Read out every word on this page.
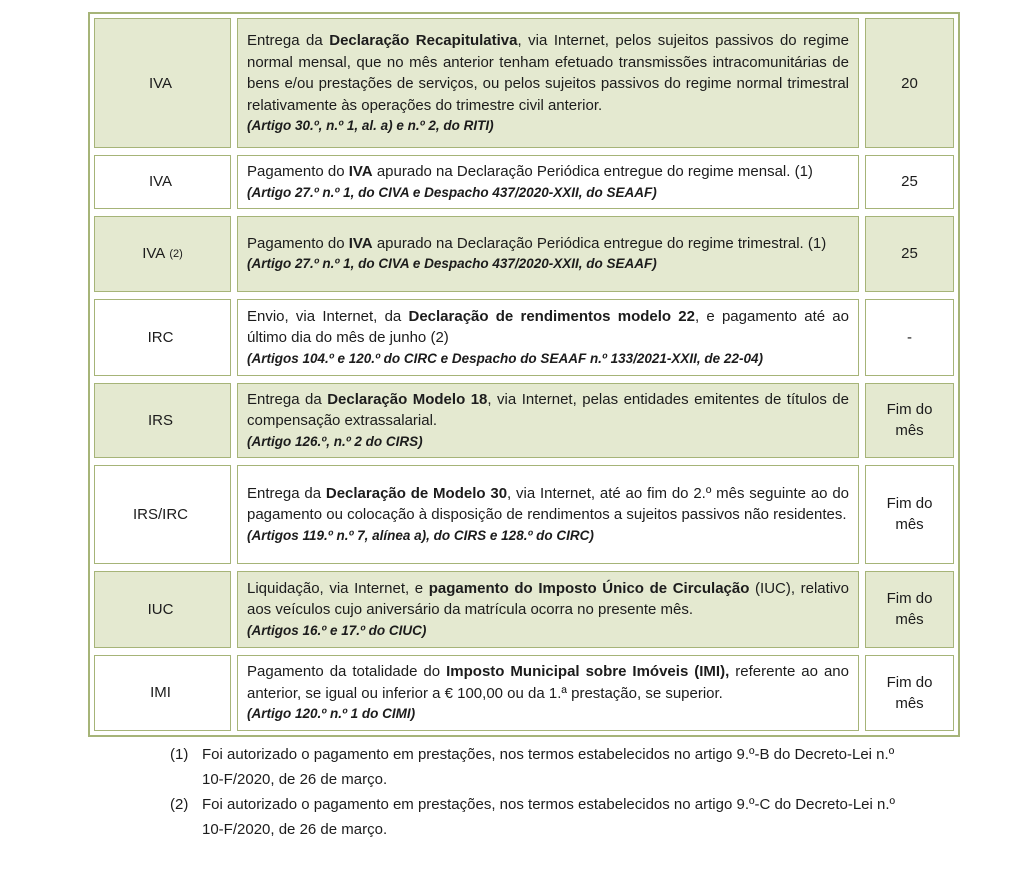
IVA

Entrega da Declaração Recapitulativa, via Internet, pelos sujeitos passivos do regime normal mensal, que no mês anterior tenham efetuado transmissões intracomunitárias de bens e/ou prestações de serviços, ou pelos sujeitos passivos do regime normal trimestral relativamente às operações do trimestre civil anterior.

(Artigo 30.º, n.º 1, al. a) e n.º 2, do RITI)

20
IVA

Pagamento do IVA apurado na Declaração Periódica entregue do regime mensal. (1)

(Artigo 27.º n.º 1, do CIVA e Despacho 437/2020-XXII, do SEAAF)

25
IVA (2)

Pagamento do IVA apurado na Declaração Periódica entregue do regime trimestral. (1)

(Artigo 27.º n.º 1, do CIVA e Despacho 437/2020-XXII, do SEAAF)

25
IRC

Envio, via Internet, da Declaração de rendimentos modelo 22, e pagamento até ao último dia do mês de junho (2)

(Artigos 104.º e 120.º do CIRC e Despacho do SEAAF n.º 133/2021-XXII, de 22-04)

-
IRS

Entrega da Declaração Modelo 18, via Internet, pelas entidades emitentes de títulos de compensação extrassalarial.

(Artigo 126.º, n.º 2 do CIRS)

Fim do mês
IRS/IRC

Entrega da Declaração de Modelo 30, via Internet, até ao fim do 2.º mês seguinte ao do pagamento ou colocação à disposição de rendimentos a sujeitos passivos não residentes.

(Artigos 119.º n.º 7, alínea a), do CIRS e 128.º do CIRC)

Fim do mês
IUC

Liquidação, via Internet, e pagamento do Imposto Único de Circulação (IUC), relativo aos veículos cujo aniversário da matrícula ocorra no presente mês.

(Artigos 16.º e 17.º do CIUC)

Fim do mês
IMI

Pagamento da totalidade do Imposto Municipal sobre Imóveis (IMI), referente ao ano anterior, se igual ou inferior a € 100,00 ou da 1.ª prestação, se superior.

(Artigo 120.º n.º 1 do CIMI)

Fim do mês
(1) Foi autorizado o pagamento em prestações, nos termos estabelecidos no artigo 9.º-B do Decreto-Lei n.º 10-F/2020, de 26 de março.
(2) Foi autorizado o pagamento em prestações, nos termos estabelecidos no artigo 9.º-C do Decreto-Lei n.º 10-F/2020, de 26 de março.
